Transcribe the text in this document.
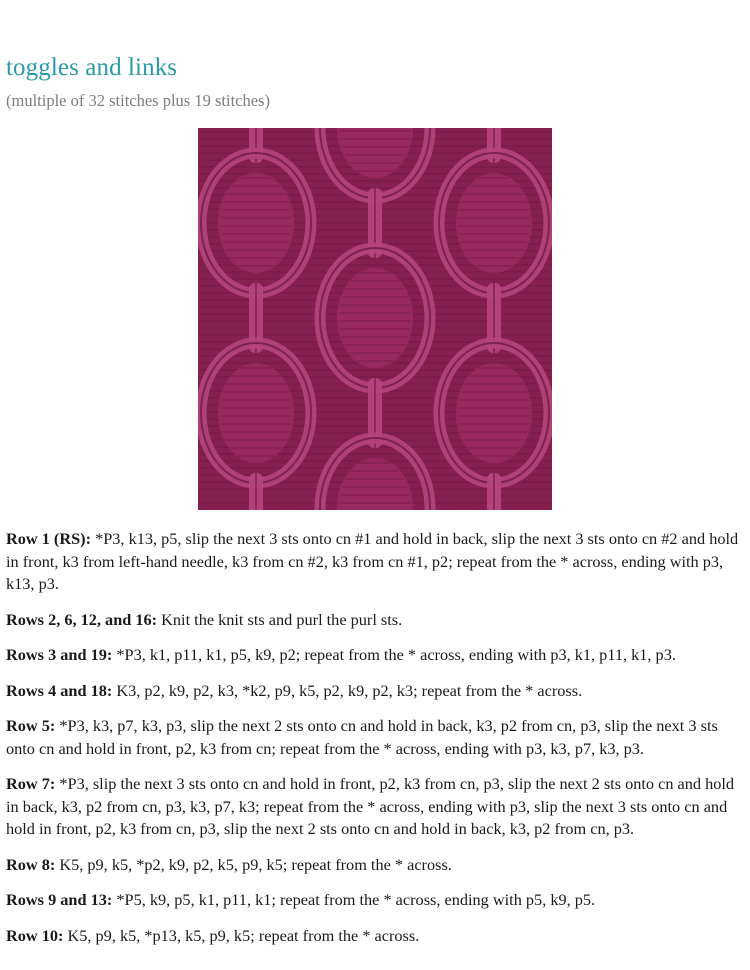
toggles and links

(multiple of 32 stitches plus 19 stitches)

Row 1 (RS): *P3, k13, p5, slip the next 3 sts onto cn #1 and hold in back, slip the next 3 sts onto cn #2 and hold in front, k3 from left-hand needle, k3 from cn #2, k3 from cn #1, p2; repeat from the * across, ending with p3, k13, p3.

Rows 2, 6, 12, and 16: Knit the knit sts and purl the purl sts.

Rows 3 and 19: *P3, k1, p11, k1, p5, k9, p2; repeat from the * across, ending with p3, k1, p11, k1, p3.

Rows 4 and 18: K3, p2, k9, p2, k3, *k2, p9, k5, p2, k9, p2, k3; repeat from the * across.

Row 5: *P3, k3, p7, k3, p3, slip the next 2 sts onto cn and hold in back, k3, p2 from cn, p3, slip the next 3 sts onto cn and hold in front, p2, k3 from cn; repeat from the * across, ending with p3, k3, p7, k3, p3.

Row 7: *P3, slip the next 3 sts onto cn and hold in front, p2, k3 from cn, p3, slip the next 2 sts onto cn and hold in back, k3, p2 from cn, p3, k3, p7, k3; repeat from the * across, ending with p3, slip the next 3 sts onto cn and hold in front, p2, k3 from cn, p3, slip the next 2 sts onto cn and hold in back, k3, p2 from cn, p3.

Row 8: K5, p9, k5, *p2, k9, p2, k5, p9, k5; repeat from the * across.

Rows 9 and 13: *P5, k9, p5, k1, p11, k1; repeat from the * across, ending with p5, k9, p5.

Row 10: K5, p9, k5, *p13, k5, p9, k5; repeat from the * across.
